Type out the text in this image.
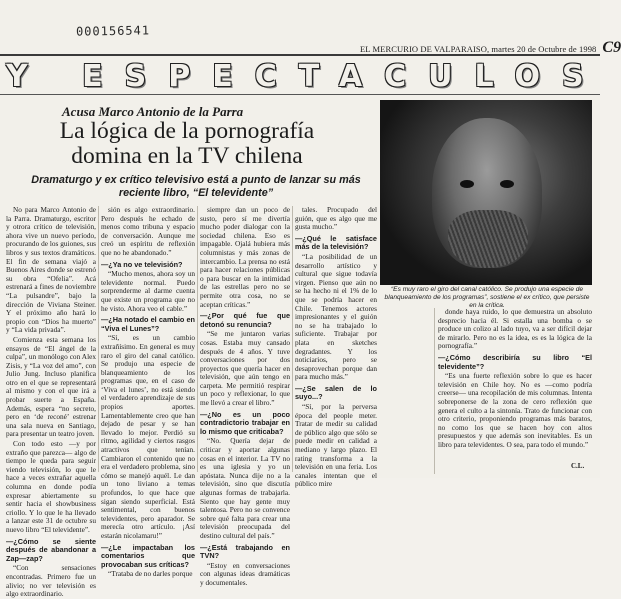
000156541
EL MERCURIO DE VALPARAISO, martes 20 de Octubre de 1998 C9
Y ESPECTACULOS
Acusa Marco Antonio de la Parra
La lógica de la pornografía domina en la TV chilena
Dramaturgo y ex crítico televisivo está a punto de lanzar su más reciente libro, “El televidente”
“Es muy raro el giro del canal católico. Se produjo una especie de blanqueamiento de los programas”, sostiene el ex crítico, que persiste en la crítica.

No para Marco Antonio de la Parra. Dramaturgo, escritor y otrora crítico de televisión, ahora vive un nuevo período, procurando de los guiones, sus libros y sus textos dramáticos. El fin de semana viajó a Buenos Aires donde se estrenó su obra “Ofelia”. Acá estrenará a fines de noviembre “La pulsandre”, bajo la dirección de Viviana Steiner. Y el próximo año hará lo propio con “Dios ha muerto” y “La vida privada”.

Comienza esta semana los ensayos de “El ángel de la culpa”, un monólogo con Alex Zisis, y “La voz del amo”, con Julio Jung. Incluso planifica otro en el que se representará al mismo y con el que irá a probar suerte a España. Además, espera “no secreto, pero en ‘de reconé’ estrenar una sala nueva en Santiago, para presentar un teatro joven.

Con todo esto —y por extraño que parezca— algo de tiempo le queda para seguir viendo televisión, lo que le hace a veces extrañar aquella columna en donde podía expresar abiertamente su sentir hacia el showbusiness criollo. Y lo que le ha llevado a lanzar este 31 de octubre su nuevo libro “El televidente”.

—¿Cómo se siente después de abandonar a Zap—zap?

“Con sensaciones encontradas. Primero fue un alivio; no ver televisión es algo extraordinario.

sión es algo extraordinario. Pero después he echado de menos como tribuna y espacio de conversación. Aunque me creó un espíritu de reflexión que no he abandonado.”

—¿Ya no ve televisión?

“Mucho menos, ahora soy un televidente normal. Puedo sorprenderme al darme cuenta que existe un programa que no he visto. Ahora veo el cable.”

—¿Ha notado el cambio en “Viva el Lunes”?

“Sí, es un cambio extrañísimo. En general es muy raro el giro del canal católico. Se produjo una especie de blanqueamiento de los programas que, en el caso de ‘Viva el lunes’, no está siendo el verdadero aprendizaje de sus propios aportes. Lamentablemente creo que han dejado de pesar y se han llevado lo mejor. Perdió su ritmo, agilidad y ciertos rasgos atractivos que tenían. Cambiaron el contenido que no era el verdadero problema, sino cómo se manejó aquél. Le dan un tono liviano a temas profundos, lo que hace que sigan siendo superficial. Está sentimental, con buenos televidentes, pero aparador. Se merecía otro artículo. ¡Así estarán nicolamaru!”

—¿Le impactaban los comentarios que provocaban sus críticas?

“Trataba de no darles porque

siempre dan un poco de susto, pero sí me divertía mucho poder dialogar con la sociedad chilena. Eso es impagable. Ojalá hubiera más columnistas y más zonas de intercambio. La prensa no está para hacer relaciones públicas o para buscar en la intimidad de las estrellas pero no se permite otra cosa, no se aceptan críticas.”

—¿Por qué fue que detonó su renuncia?

“Se me juntaron varias cosas. Estaba muy cansado después de 4 años. Y tuve conversaciones por dos proyectos que quería hacer en televisión, que aún tengo en carpeta. Me permitió respirar un poco y reflexionar, lo que me llevó a crear el libro.”

—¿No es un poco contradictorio trabajar en lo mismo que criticaba?

“No. Quería dejar de criticar y aportar algunas cosas en el interior. La TV no es una iglesia y yo un apóstata. Nunca dije no a la televisión, sino que discutía algunas formas de trabajarla. Siento que hay gente muy talentosa. Pero no se convence sobre qué falta para crear una televisión preocupada del destino cultural del país.”

—¿Está trabajando en TVN?

“Estoy en conversaciones con algunas ideas dramáticas y documentales.

tales. Procupado del guión, que es algo que me gusta mucho.”

—¿Qué le satisface más de la televisión?

“La posibilidad de un desarrollo artístico y cultural que sigue todavía virgen. Pienso que aún no se ha hecho ni el 1% de lo que se podría hacer en Chile. Tenemos actores impresionantes y el guión no se ha trabajado lo suficiente. Trabajar por plata en sketches degradantes. Y los noticiarios, pero se desaprovechan porque dan para mucho más.”

—¿Se salen de lo suyo...?

“Sí, por la perversa época del people meter. Tratar de medir su calidad de público algo que sólo se puede medir en calidad a mediano y largo plazo. El rating transforma a la televisión en una feria. Los canales intentan que el público mire

donde haya ruido, lo que demuestra un absoluto desprecio hacia él. Si estalla una bomba o se produce un colizo al lado tuyo, va a ser difícil dejar de mirarlo. Pero no es la idea, es es la lógica de la pornografía.”

—¿Cómo describiría su libro “El televidente”?

“Es una fuerte reflexión sobre lo que es hacer televisión en Chile hoy. No es —como podría creerse— una recopilación de mis columnas. Intenta sobreponerse de la zona de cero reflexión que genera el culto a la sintonía. Trato de funcionar con otro criterio, proponiendo programas más baratos, no como los que se hacen hoy con altos presupuestos y que además son inevitables. Es un libro para televidentes. O sea, para todo el mundo.”

C.L.
